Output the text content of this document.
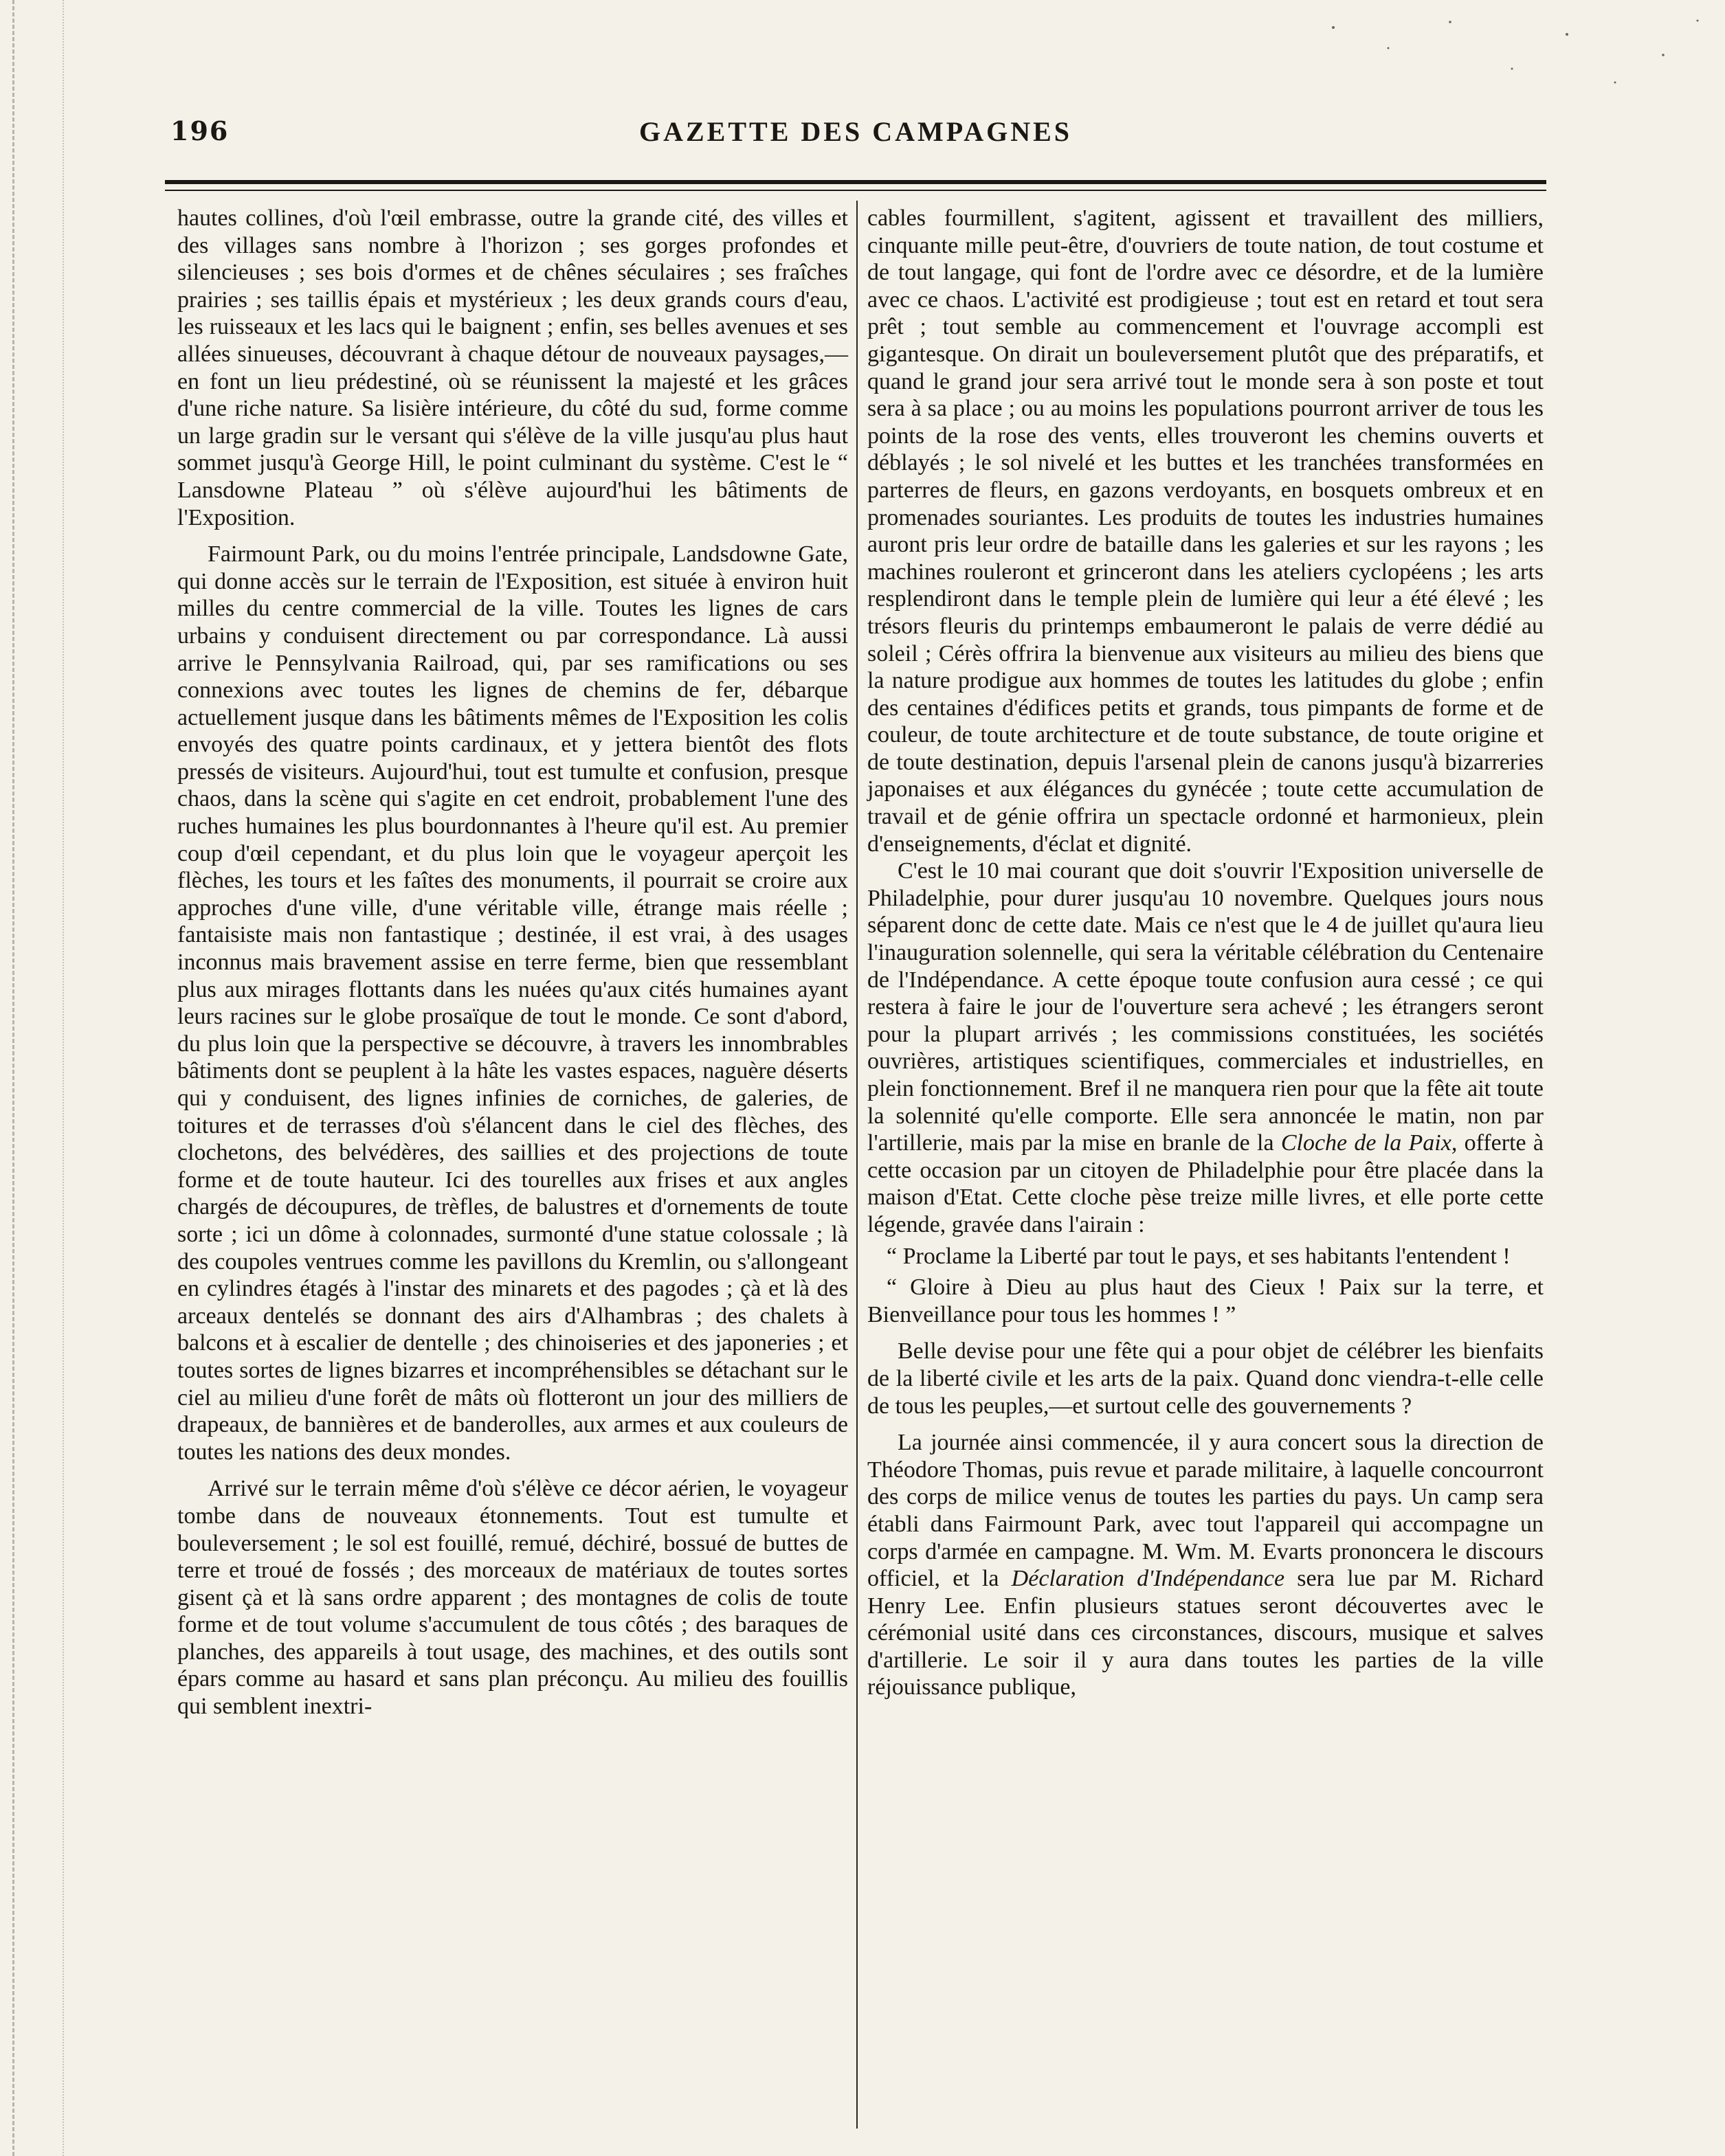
196	GAZETTE DES CAMPAGNES

hautes collines, d'où l'œil embrasse, outre la grande cité, des villes et des villages sans nombre à l'horizon ; ses gorges profondes et silencieuses ; ses bois d'ormes et de chênes séculaires ; ses fraîches prairies ; ses taillis épais et mystérieux ; les deux grands cours d'eau, les ruisseaux et les lacs qui le baignent ; enfin, ses belles avenues et ses allées sinueuses, découvrant à chaque détour de nouveaux paysages,—en font un lieu prédestiné, où se réunissent la majesté et les grâces d'une riche nature. Sa lisière intérieure, du côté du sud, forme comme un large gradin sur le versant qui s'élève de la ville jusqu'au plus haut sommet jusqu'à George Hill, le point culminant du système. C'est le “ Lansdowne Plateau ” où s'élève aujourd'hui les bâtiments de l'Exposition.

Fairmount Park, ou du moins l'entrée principale, Landsdowne Gate, qui donne accès sur le terrain de l'Exposition, est située à environ huit milles du centre commercial de la ville. Toutes les lignes de cars urbains y conduisent directement ou par correspondance. Là aussi arrive le Pennsylvania Railroad, qui, par ses ramifications ou ses connexions avec toutes les lignes de chemins de fer, débarque actuellement jusque dans les bâtiments mêmes de l'Exposition les colis envoyés des quatre points cardinaux, et y jettera bientôt des flots pressés de visiteurs. Aujourd'hui, tout est tumulte et confusion, presque chaos, dans la scène qui s'agite en cet endroit, probablement l'une des ruches humaines les plus bourdonnantes à l'heure qu'il est. Au premier coup d'œil cependant, et du plus loin que le voyageur aperçoit les flèches, les tours et les faîtes des monuments, il pourrait se croire aux approches d'une ville, d'une véritable ville, étrange mais réelle ; fantaisiste mais non fantastique ; destinée, il est vrai, à des usages inconnus mais bravement assise en terre ferme, bien que ressemblant plus aux mirages flottants dans les nuées qu'aux cités humaines ayant leurs racines sur le globe prosaïque de tout le monde. Ce sont d'abord, du plus loin que la perspective se découvre, à travers les innombrables bâtiments dont se peuplent à la hâte les vastes espaces, naguère déserts qui y conduisent, des lignes infinies de corniches, de galeries, de toitures et de terrasses d'où s'élancent dans le ciel des flèches, des clochetons, des belvédères, des saillies et des projections de toute forme et de toute hauteur. Ici des tourelles aux frises et aux angles chargés de découpures, de trèfles, de balustres et d'ornements de toute sorte ; ici un dôme à colonnades, surmonté d'une statue colossale ; là des coupoles ventrues comme les pavillons du Kremlin, ou s'allongeant en cylindres étagés à l'instar des minarets et des pagodes ; çà et là des arceaux dentelés se donnant des airs d'Alhambras ; des chalets à balcons et à escalier de dentelle ; des chinoiseries et des japoneries ; et toutes sortes de lignes bizarres et incompréhensibles se détachant sur le ciel au milieu d'une forêt de mâts où flotteront un jour des milliers de drapeaux, de bannières et de banderolles, aux armes et aux couleurs de toutes les nations des deux mondes.

Arrivé sur le terrain même d'où s'élève ce décor aérien, le voyageur tombe dans de nouveaux étonnements. Tout est tumulte et bouleversement ; le sol est fouillé, remué, déchiré, bossué de buttes de terre et troué de fossés ; des morceaux de matériaux de toutes sortes gisent çà et là sans ordre apparent ; des montagnes de colis de toute forme et de tout volume s'accumulent de tous côtés ; des baraques de planches, des appareils à tout usage, des machines, et des outils sont épars comme au hasard et sans plan préconçu. Au milieu des fouillis qui semblent inextri-

cables fourmillent, s'agitent, agissent et travaillent des milliers, cinquante mille peut-être, d'ouvriers de toute nation, de tout costume et de tout langage, qui font de l'ordre avec ce désordre, et de la lumière avec ce chaos. L'activité est prodigieuse ; tout est en retard et tout sera prêt ; tout semble au commencement et l'ouvrage accompli est gigantesque. On dirait un bouleversement plutôt que des préparatifs, et quand le grand jour sera arrivé tout le monde sera à son poste et tout sera à sa place ; ou au moins les populations pourront arriver de tous les points de la rose des vents, elles trouveront les chemins ouverts et déblayés ; le sol nivelé et les buttes et les tranchées transformées en parterres de fleurs, en gazons verdoyants, en bosquets ombreux et en promenades souriantes. Les produits de toutes les industries humaines auront pris leur ordre de bataille dans les galeries et sur les rayons ; les machines rouleront et grinceront dans les ateliers cyclopéens ; les arts resplendiront dans le temple plein de lumière qui leur a été élevé ; les trésors fleuris du printemps embaumeront le palais de verre dédié au soleil ; Cérès offrira la bienvenue aux visiteurs au milieu des biens que la nature prodigue aux hommes de toutes les latitudes du globe ; enfin des centaines d'édifices petits et grands, tous pimpants de forme et de couleur, de toute architecture et de toute substance, de toute origine et de toute destination, depuis l'arsenal plein de canons jusqu'à bizarreries japonaises et aux élégances du gynécée ; toute cette accumulation de travail et de génie offrira un spectacle ordonné et harmonieux, plein d'enseignements, d'éclat et dignité.

C'est le 10 mai courant que doit s'ouvrir l'Exposition universelle de Philadelphie, pour durer jusqu'au 10 novembre. Quelques jours nous séparent donc de cette date. Mais ce n'est que le 4 de juillet qu'aura lieu l'inauguration solennelle, qui sera la véritable célébration du Centenaire de l'Indépendance. A cette époque toute confusion aura cessé ; ce qui restera à faire le jour de l'ouverture sera achevé ; les étrangers seront pour la plupart arrivés ; les commissions constituées, les sociétés ouvrières, artistiques scientifiques, commerciales et industrielles, en plein fonctionnement. Bref il ne manquera rien pour que la fête ait toute la solennité qu'elle comporte. Elle sera annoncée le matin, non par l'artillerie, mais par la mise en branle de la Cloche de la Paix, offerte à cette occasion par un citoyen de Philadelphie pour être placée dans la maison d'Etat. Cette cloche pèse treize mille livres, et elle porte cette légende, gravée dans l'airain :

“ Proclame la Liberté par tout le pays, et ses habitants l'entendent !

“ Gloire à Dieu au plus haut des Cieux ! Paix sur la terre, et Bienveillance pour tous les hommes ! ”

Belle devise pour une fête qui a pour objet de célébrer les bienfaits de la liberté civile et les arts de la paix. Quand donc viendra-t-elle celle de tous les peuples,—et surtout celle des gouvernements ?

La journée ainsi commencée, il y aura concert sous la direction de Théodore Thomas, puis revue et parade militaire, à laquelle concourront des corps de milice venus de toutes les parties du pays. Un camp sera établi dans Fairmount Park, avec tout l'appareil qui accompagne un corps d'armée en campagne. M. Wm. M. Evarts prononcera le discours officiel, et la Déclaration d'Indépendance sera lue par M. Richard Henry Lee. Enfin plusieurs statues seront découvertes avec le cérémonial usité dans ces circonstances, discours, musique et salves d'artillerie. Le soir il y aura dans toutes les parties de la ville réjouissance publique,
